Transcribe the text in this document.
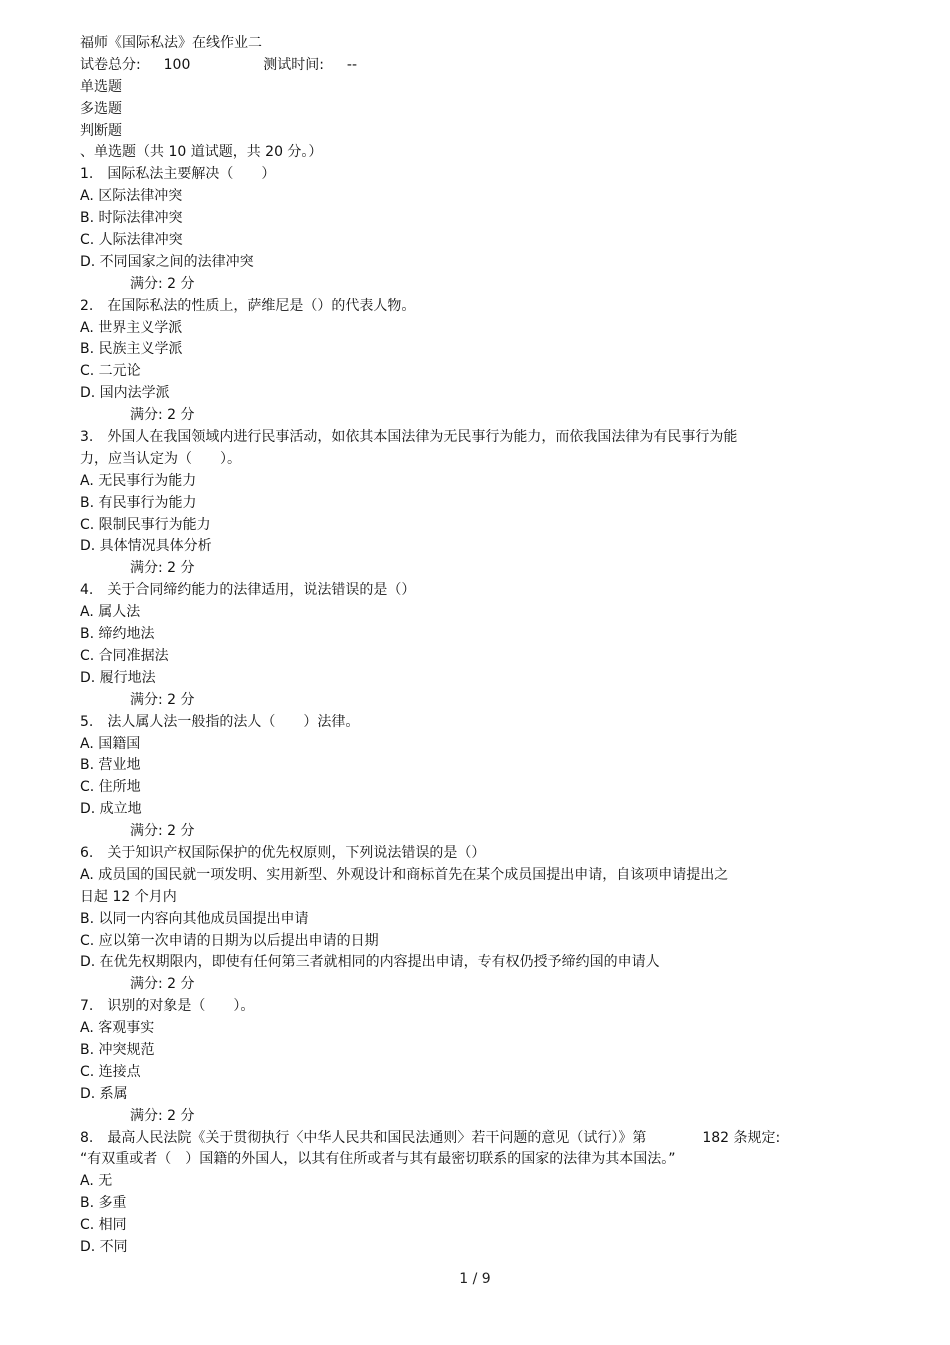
福师《国际私法》在线作业二
试卷总分: 100	测试时间: --
单选题
多选题
判断题
、单选题（共 10 道试题，共 20 分。）
1.　国际私法主要解决（　　）
A. 区际法律冲突
B. 时际法律冲突
C. 人际法律冲突
D. 不同国家之间的法律冲突
满分: 2 分
2.　在国际私法的性质上，萨维尼是（）的代表人物。
A. 世界主义学派
B. 民族主义学派
C. 二元论
D. 国内法学派
满分: 2 分
3.　外国人在我国领域内进行民事活动，如依其本国法律为无民事行为能力，而依我国法律为有民事行为能
力，应当认定为（　　）。
A. 无民事行为能力
B. 有民事行为能力
C. 限制民事行为能力
D. 具体情况具体分析
满分: 2 分
4.　关于合同缔约能力的法律适用，说法错误的是（）
A. 属人法
B. 缔约地法
C. 合同准据法
D. 履行地法
满分: 2 分
5.　法人属人法一般指的法人（　　）法律。
A. 国籍国
B. 营业地
C. 住所地
D. 成立地
满分: 2 分
6.　关于知识产权国际保护的优先权原则，下列说法错误的是（）
A. 成员国的国民就一项发明、实用新型、外观设计和商标首先在某个成员国提出申请，自该项申请提出之
日起 12 个月内
B. 以同一内容向其他成员国提出申请
C. 应以第一次申请的日期为以后提出申请的日期
D. 在优先权期限内，即使有任何第三者就相同的内容提出申请，专有权仍授予缔约国的申请人
满分: 2 分
7.　识别的对象是（　　）。
A. 客观事实
B. 冲突规范
C. 连接点
D. 系属
满分: 2 分
8.　最高人民法院《关于贯彻执行〈中华人民共和国民法通则〉若干问题的意见（试行）》第　　　　182 条规定:
“有双重或者（　）国籍的外国人，以其有住所或者与其有最密切联系的国家的法律为其本国法。”
A. 无
B. 多重
C. 相同
D. 不同
1 / 9
